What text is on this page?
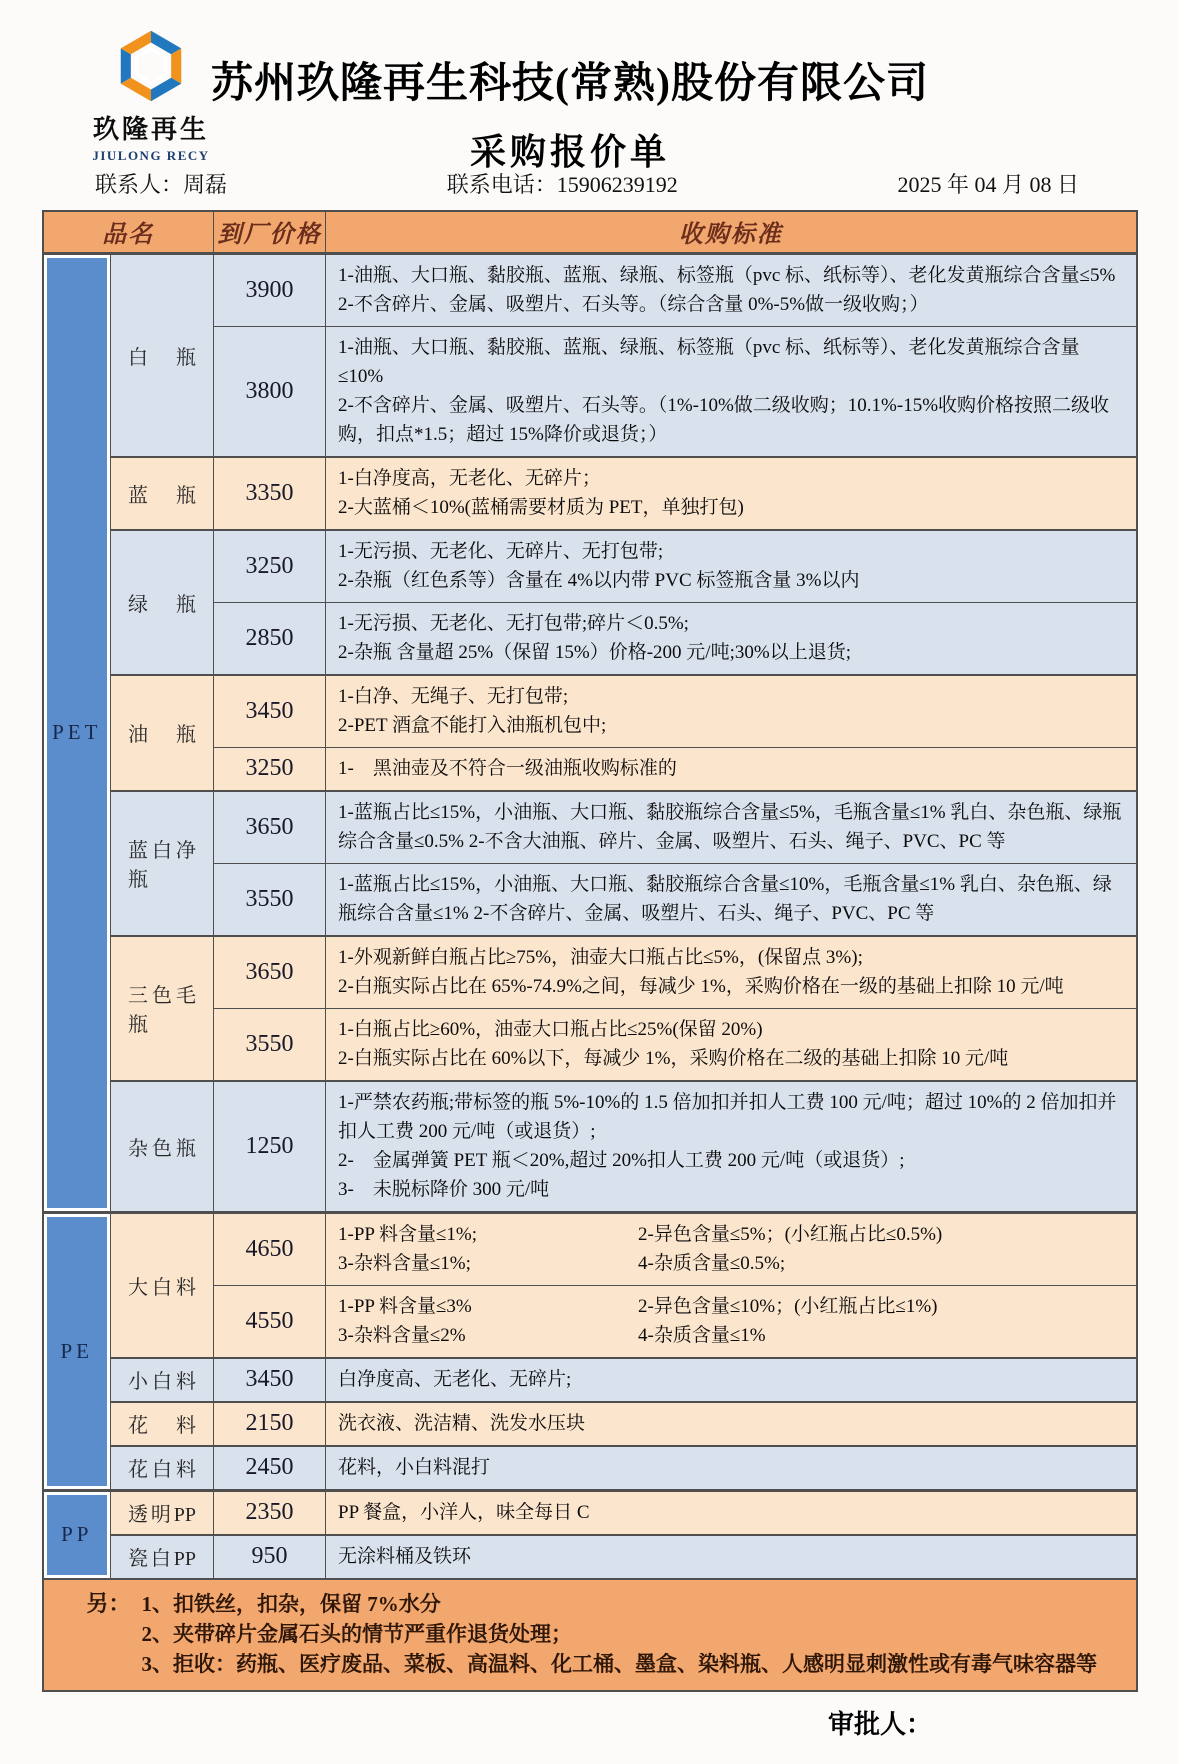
玖隆再生
JIULONG RECY
苏州玖隆再生科技(常熟)股份有限公司
采购报价单
联系人：周磊	联系电话：15906239192	2025 年 04 月 08 日
品名		到厂价格	收购标准

PET	白瓶	3900	1-油瓶、大口瓶、黏胶瓶、蓝瓶、绿瓶、标签瓶（pvc 标、纸标等）、老化发黄瓶综合含量≤5%
2-不含碎片、金属、吸塑片、石头等。（综合含量 0%-5%做一级收购；）

		3800	1-油瓶、大口瓶、黏胶瓶、蓝瓶、绿瓶、标签瓶（pvc 标、纸标等）、老化发黄瓶综合含量≤10%
2-不含碎片、金属、吸塑片、石头等。（1%-10%做二级收购；10.1%-15%收购价格按照二级收购，扣点*1.5；超过 15%降价或退货；）

	蓝瓶	3350	1-白净度高，无老化、无碎片；
2-大蓝桶＜10%(蓝桶需要材质为 PET，单独打包)

	绿瓶	3250	1-无污损、无老化、无碎片、无打包带;
2-杂瓶（红色系等）含量在 4%以内带 PVC 标签瓶含量 3%以内

		2850	1-无污损、无老化、无打包带;碎片＜0.5%;
2-杂瓶 含量超 25%（保留 15%）价格-200 元/吨;30%以上退货;

	油瓶	3450	1-白净、无绳子、无打包带;
2-PET 酒盒不能打入油瓶机包中;

		3250	1-　黑油壶及不符合一级油瓶收购标准的

	蓝白净瓶	3650	1-蓝瓶占比≤15%，小油瓶、大口瓶、黏胶瓶综合含量≤5%，毛瓶含量≤1% 乳白、杂色瓶、绿瓶综合含量≤0.5% 2-不含大油瓶、碎片、金属、吸塑片、石头、绳子、PVC、PC 等

		3550	1-蓝瓶占比≤15%，小油瓶、大口瓶、黏胶瓶综合含量≤10%，毛瓶含量≤1% 乳白、杂色瓶、绿瓶综合含量≤1% 2-不含碎片、金属、吸塑片、石头、绳子、PVC、PC 等

	三色毛瓶	3650	1-外观新鲜白瓶占比≥75%，油壶大口瓶占比≤5%，(保留点 3%);
2-白瓶实际占比在 65%-74.9%之间，每减少 1%，采购价格在一级的基础上扣除 10 元/吨

		3550	1-白瓶占比≥60%，油壶大口瓶占比≤25%(保留 20%)
2-白瓶实际占比在 60%以下，每减少 1%，采购价格在二级的基础上扣除 10 元/吨

	杂色瓶	1250	1-严禁农药瓶;带标签的瓶 5%-10%的 1.5 倍加扣并扣人工费 100 元/吨；超过 10%的 2 倍加扣并扣人工费 200 元/吨（或退货）;
2-　金属弹簧 PET 瓶＜20%,超过 20%扣人工费 200 元/吨（或退货）;
3-　未脱标降价 300 元/吨

PE	大白料	4650	1-PP 料含量≤1%; 2-异色含量≤5%；(小红瓶占比≤0.5%)
3-杂料含量≤1%; 4-杂质含量≤0.5%;

		4550	1-PP 料含量≤3% 2-异色含量≤10%；(小红瓶占比≤1%)
3-杂料含量≤2% 4-杂质含量≤1%

	小白料	3450	白净度高、无老化、无碎片;

	花料	2150	洗衣液、洗洁精、洗发水压块

	花白料	2450	花料，小白料混打

PP	透明PP	2350	PP 餐盒，小洋人，味全每日 C

	瓷白PP	950	无涂料桶及铁环
另： 1、扣铁丝，扣杂，保留 7%水分
2、夹带碎片金属石头的情节严重作退货处理；
3、拒收：药瓶、医疗废品、菜板、高温料、化工桶、墨盒、染料瓶、人感明显刺激性或有毒气味容器等
审批人：
